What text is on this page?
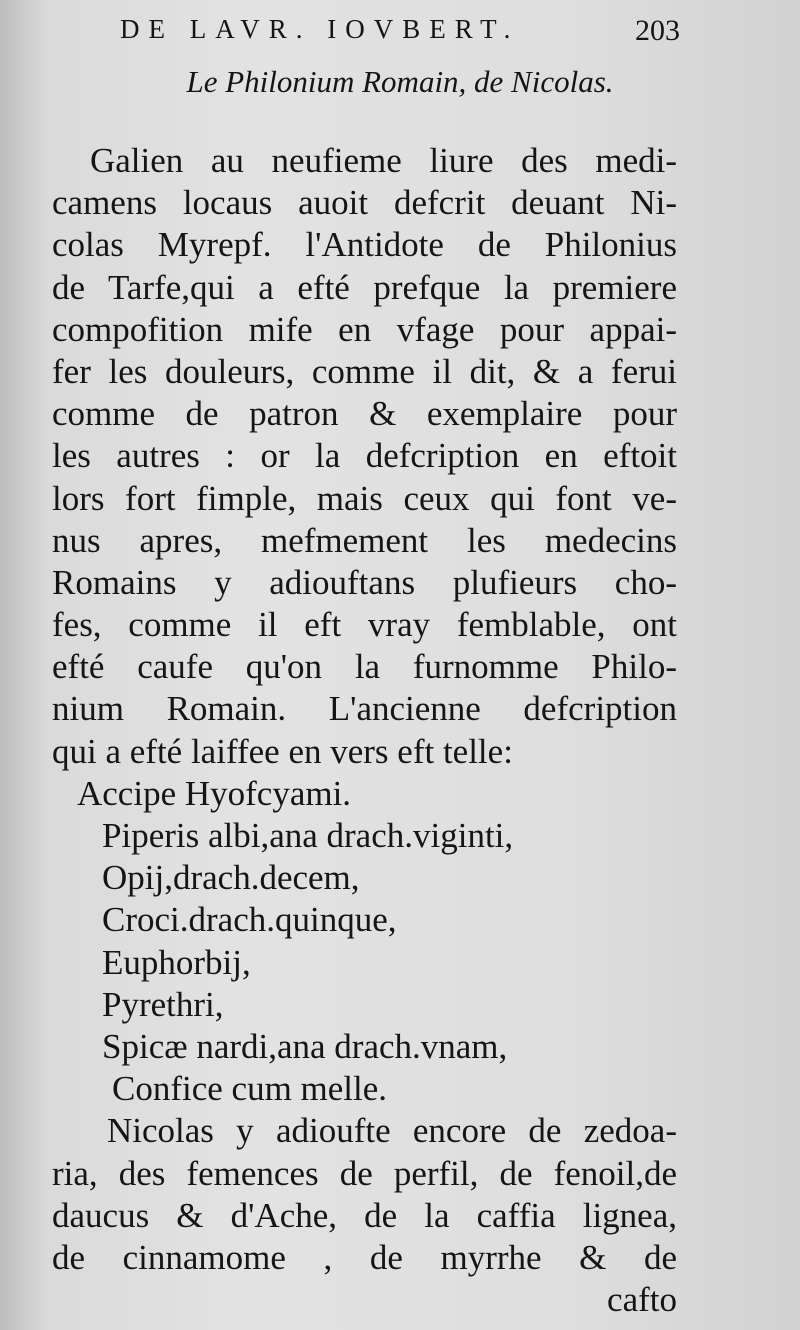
DE LAVR. IOVBERT.	203
Le Philonium Romain, de Nicolas.
Galien au neufieme liure des medi-
camens locaus auoit defcrit deuant Ni-
colas Myrepf. l'Antidote de Philonius
de Tarfe,qui a efté prefque la premiere
compofition mife en vfage pour appai-
fer les douleurs, comme il dit, & a ferui
comme de patron & exemplaire pour
les autres : or la defcription en eftoit
lors fort fimple, mais ceux qui font ve-
nus apres, mefmement les medecins
Romains y adiouftans plufieurs cho-
fes, comme il eft vray femblable, ont
efté caufe qu'on la furnomme Philo-
nium Romain. L'ancienne defcription
qui a efté laiffee en vers eft telle:
Accipe Hyofcyami.
Piperis albi,ana drach.viginti,
Opij,drach.decem,
Croci.drach.quinque,
Euphorbij,
Pyrethri,
Spicæ nardi,ana drach.vnam,
Confice cum melle.
Nicolas y adioufte encore de zedoa-
ria, des femences de perfil, de fenoil,de
daucus & d'Ache, de la caffia lignea,
de cinnamome , de myrrhe & de
cafto
